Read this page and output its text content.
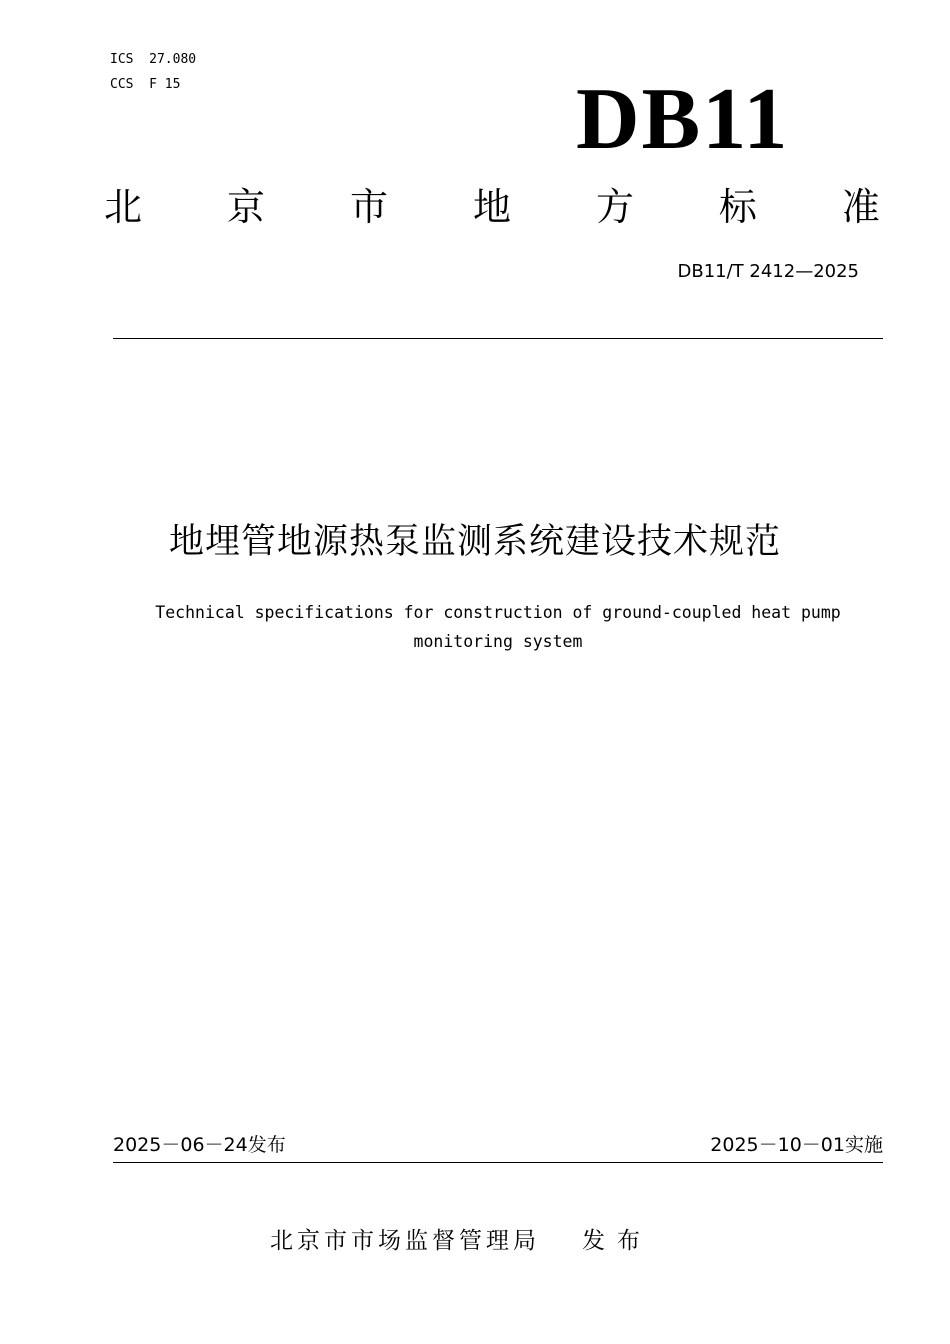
ICS  27.080
CCS  F 15	DB11
北 京 市 地 方 标 准
DB11/T 2412—2025
地埋管地源热泵监测系统建设技术规范
Technical specifications for construction of ground-coupled heat pump monitoring system
2025－06－24发布	2025－10－01实施
北京市市场监督管理局 发布
